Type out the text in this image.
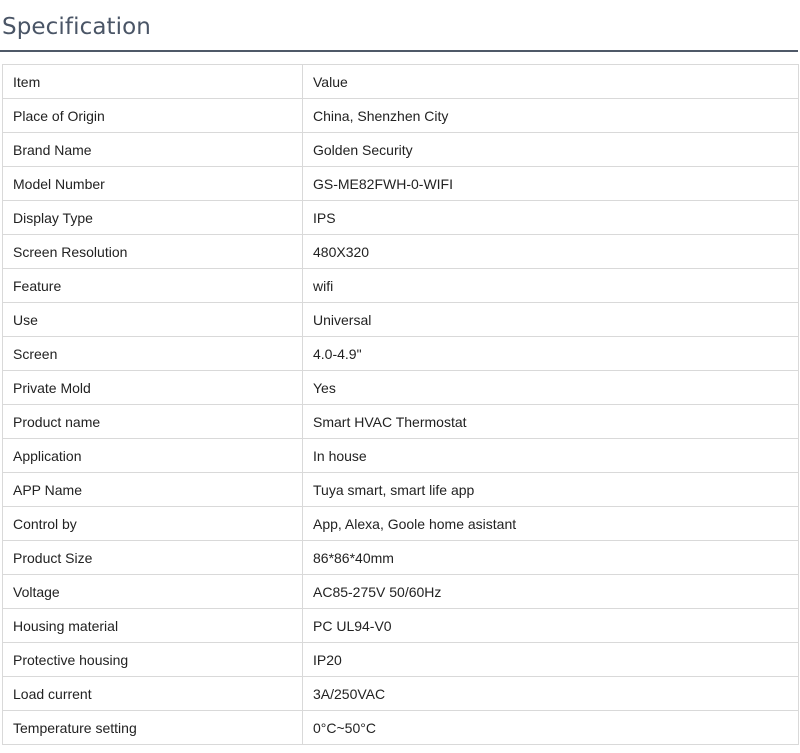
Specification
Item	Value
Place of Origin	China, Shenzhen City
Brand Name	Golden Security
Model Number	GS-ME82FWH-0-WIFI
Display Type	IPS
Screen Resolution	480X320
Feature	wifi
Use	Universal
Screen	4.0-4.9"
Private Mold	Yes
Product name	Smart HVAC Thermostat
Application	In house
APP Name	Tuya smart, smart life app
Control by	App, Alexa, Goole home asistant
Product Size	86*86*40mm
Voltage	AC85-275V 50/60Hz
Housing material	PC UL94-V0
Protective housing	IP20
Load current	3A/250VAC
Temperature setting	0°C~50°C
